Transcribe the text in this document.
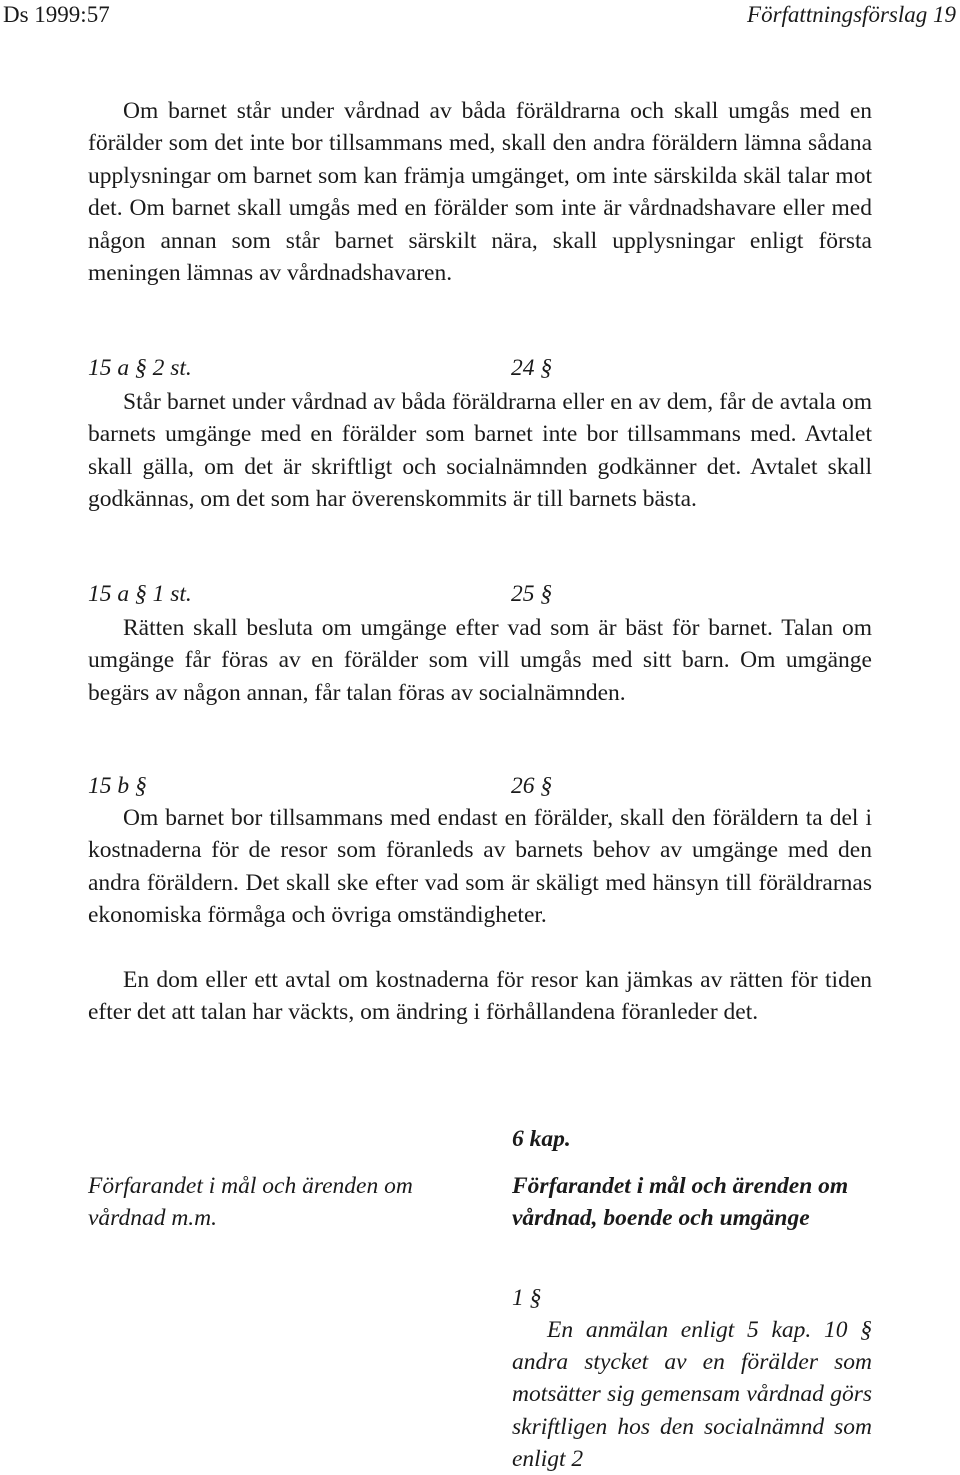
Ds 1999:57	Författningsförslag 19

Om barnet står under vårdnad av båda föräldrarna och skall umgås med en förälder som det inte bor tillsammans med, skall den andra föräldern lämna sådana upplysningar om barnet som kan främja umgänget, om inte särskilda skäl talar mot det. Om barnet skall umgås med en förälder som inte är vårdnadshavare eller med någon annan som står barnet särskilt nära, skall upplysningar enligt första meningen lämnas av vårdnadshavaren.

15 a § 2 st.	24 §

Står barnet under vårdnad av båda föräldrarna eller en av dem, får de avtala om barnets umgänge med en förälder som barnet inte bor tillsammans med. Avtalet skall gälla, om det är skriftligt och socialnämnden godkänner det. Avtalet skall godkännas, om det som har överenskommits är till barnets bästa.

15 a § 1 st.	25 §

Rätten skall besluta om umgänge efter vad som är bäst för barnet. Talan om umgänge får föras av en förälder som vill umgås med sitt barn. Om umgänge begärs av någon annan, får talan föras av socialnämnden.

15 b §	26 §

Om barnet bor tillsammans med endast en förälder, skall den föräldern ta del i kostnaderna för de resor som föranleds av barnets behov av umgänge med den andra föräldern. Det skall ske efter vad som är skäligt med hänsyn till föräldrarnas ekonomiska förmåga och övriga omständigheter.

En dom eller ett avtal om kostnaderna för resor kan jämkas av rätten för tiden efter det att talan har väckts, om ändring i förhållandena föranleder det.

6 kap.
Förfarandet i mål och ärenden om vårdnad m.m.
Förfarandet i mål och ärenden om vårdnad, boende och umgänge
1 §

En anmälan enligt 5 kap. 10 § andra stycket av en förälder som motsätter sig gemensam vårdnad görs skriftligen hos den socialnämnd som enligt 2
